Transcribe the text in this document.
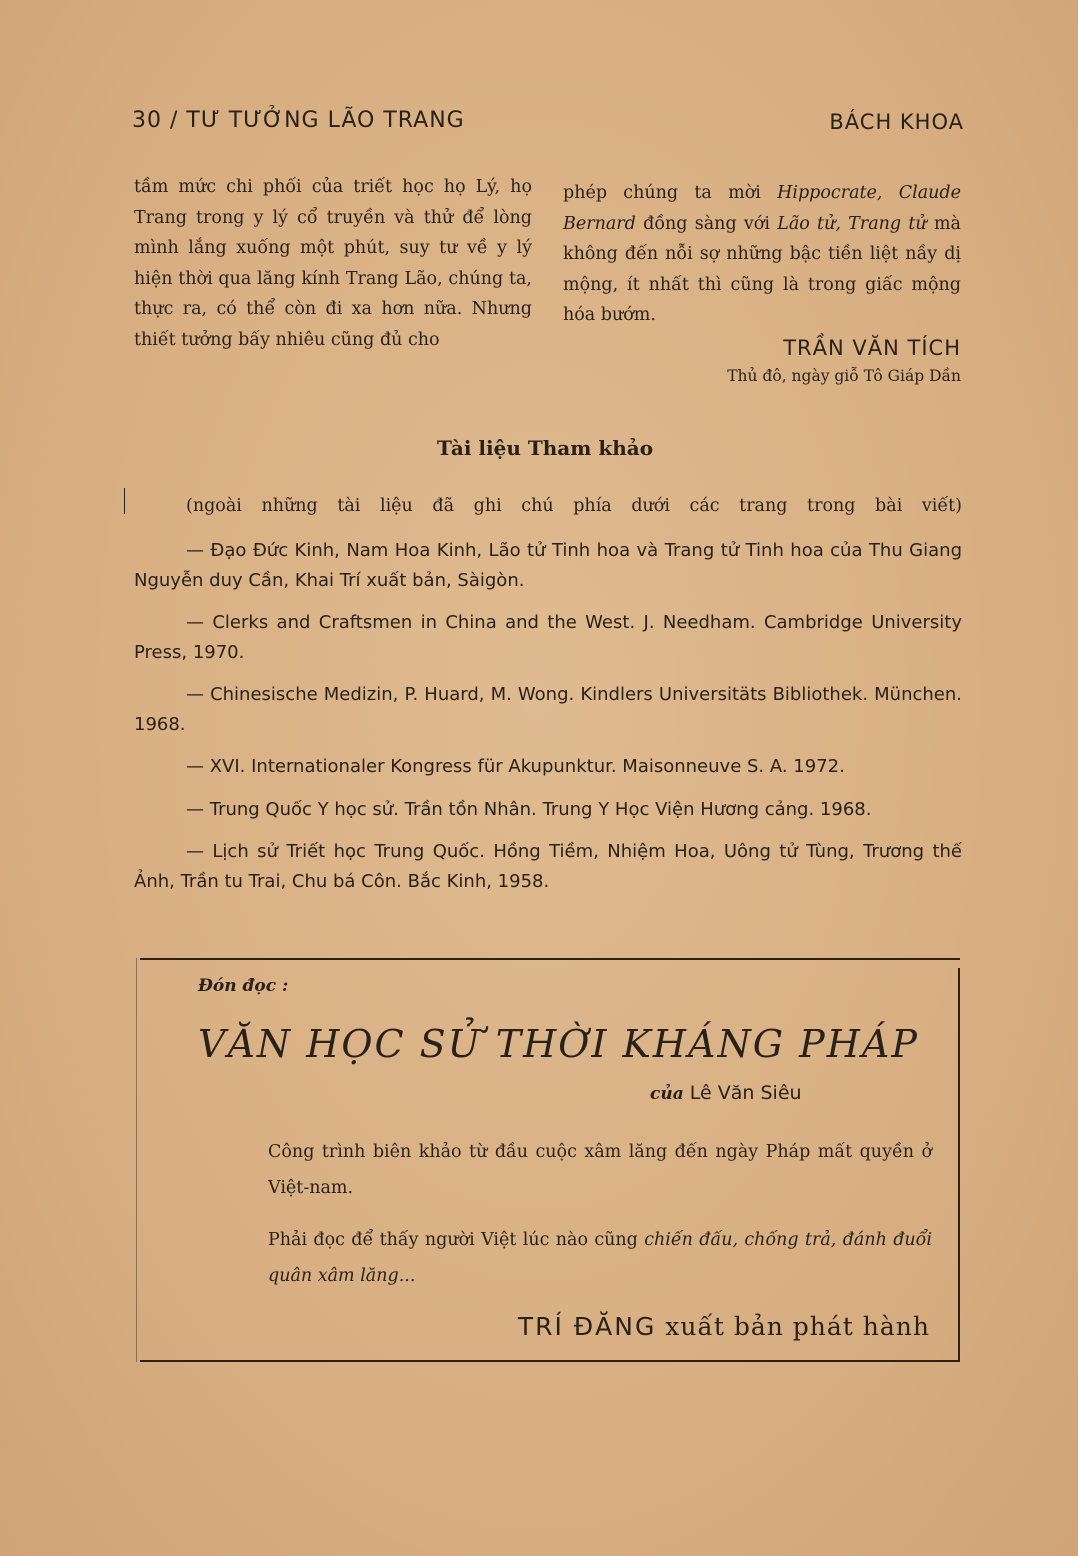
30 / TƯ TƯỞNG LÃO TRANG	BÁCH KHOA

tầm mức chi phối của triết học họ Lý, họ Trang trong y lý cổ truyền và thử để lòng mình lắng xuống một phút, suy tư về y lý hiện thời qua lăng kính Trang Lão, chúng ta, thực ra, có thể còn đi xa hơn nữa. Nhưng thiết tưởng bấy nhiêu cũng đủ cho

phép chúng ta mời Hippocrate, Claude Bernard đồng sàng với Lão tử, Trang tử mà không đến nỗi sợ những bậc tiền liệt nầy dị mộng, ít nhất thì cũng là trong giấc mộng hóa bướm.

TRẦN VĂN TÍCH
Thủ đô, ngày giỗ Tô Giáp Dần
Tài liệu Tham khảo
(ngoài những tài liệu đã ghi chú phía dưới các trang trong bài viết)

— Đạo Đức Kinh, Nam Hoa Kinh, Lão tử Tinh hoa và Trang tử Tinh hoa của Thu Giang Nguyễn duy Cần, Khai Trí xuất bản, Sàigòn.

— Clerks and Craftsmen in China and the West. J. Needham. Cambridge University Press, 1970.

— Chinesische Medizin, P. Huard, M. Wong. Kindlers Universitäts Bibliothek. München. 1968.

— XVI. Internationaler Kongress für Akupunktur. Maisonneuve S. A. 1972.

— Trung Quốc Y học sử. Trần tồn Nhân. Trung Y Học Viện Hương cảng. 1968.

— Lịch sử Triết học Trung Quốc. Hồng Tiềm, Nhiệm Hoa, Uông tử Tùng, Trương thế Ảnh, Trần tu Trai, Chu bá Côn. Bắc Kinh, 1958.

Đón đọc :
VĂN HỌC SỬ THỜI KHÁNG PHÁP
của Lê Văn Siêu
Công trình biên khảo từ đầu cuộc xâm lăng đến ngày Pháp mất quyền ở Việt-nam.
Phải đọc để thấy người Việt lúc nào cũng chiến đấu, chống trả, đánh đuổi quân xâm lăng...
TRÍ ĐĂNG xuất bản phát hành
